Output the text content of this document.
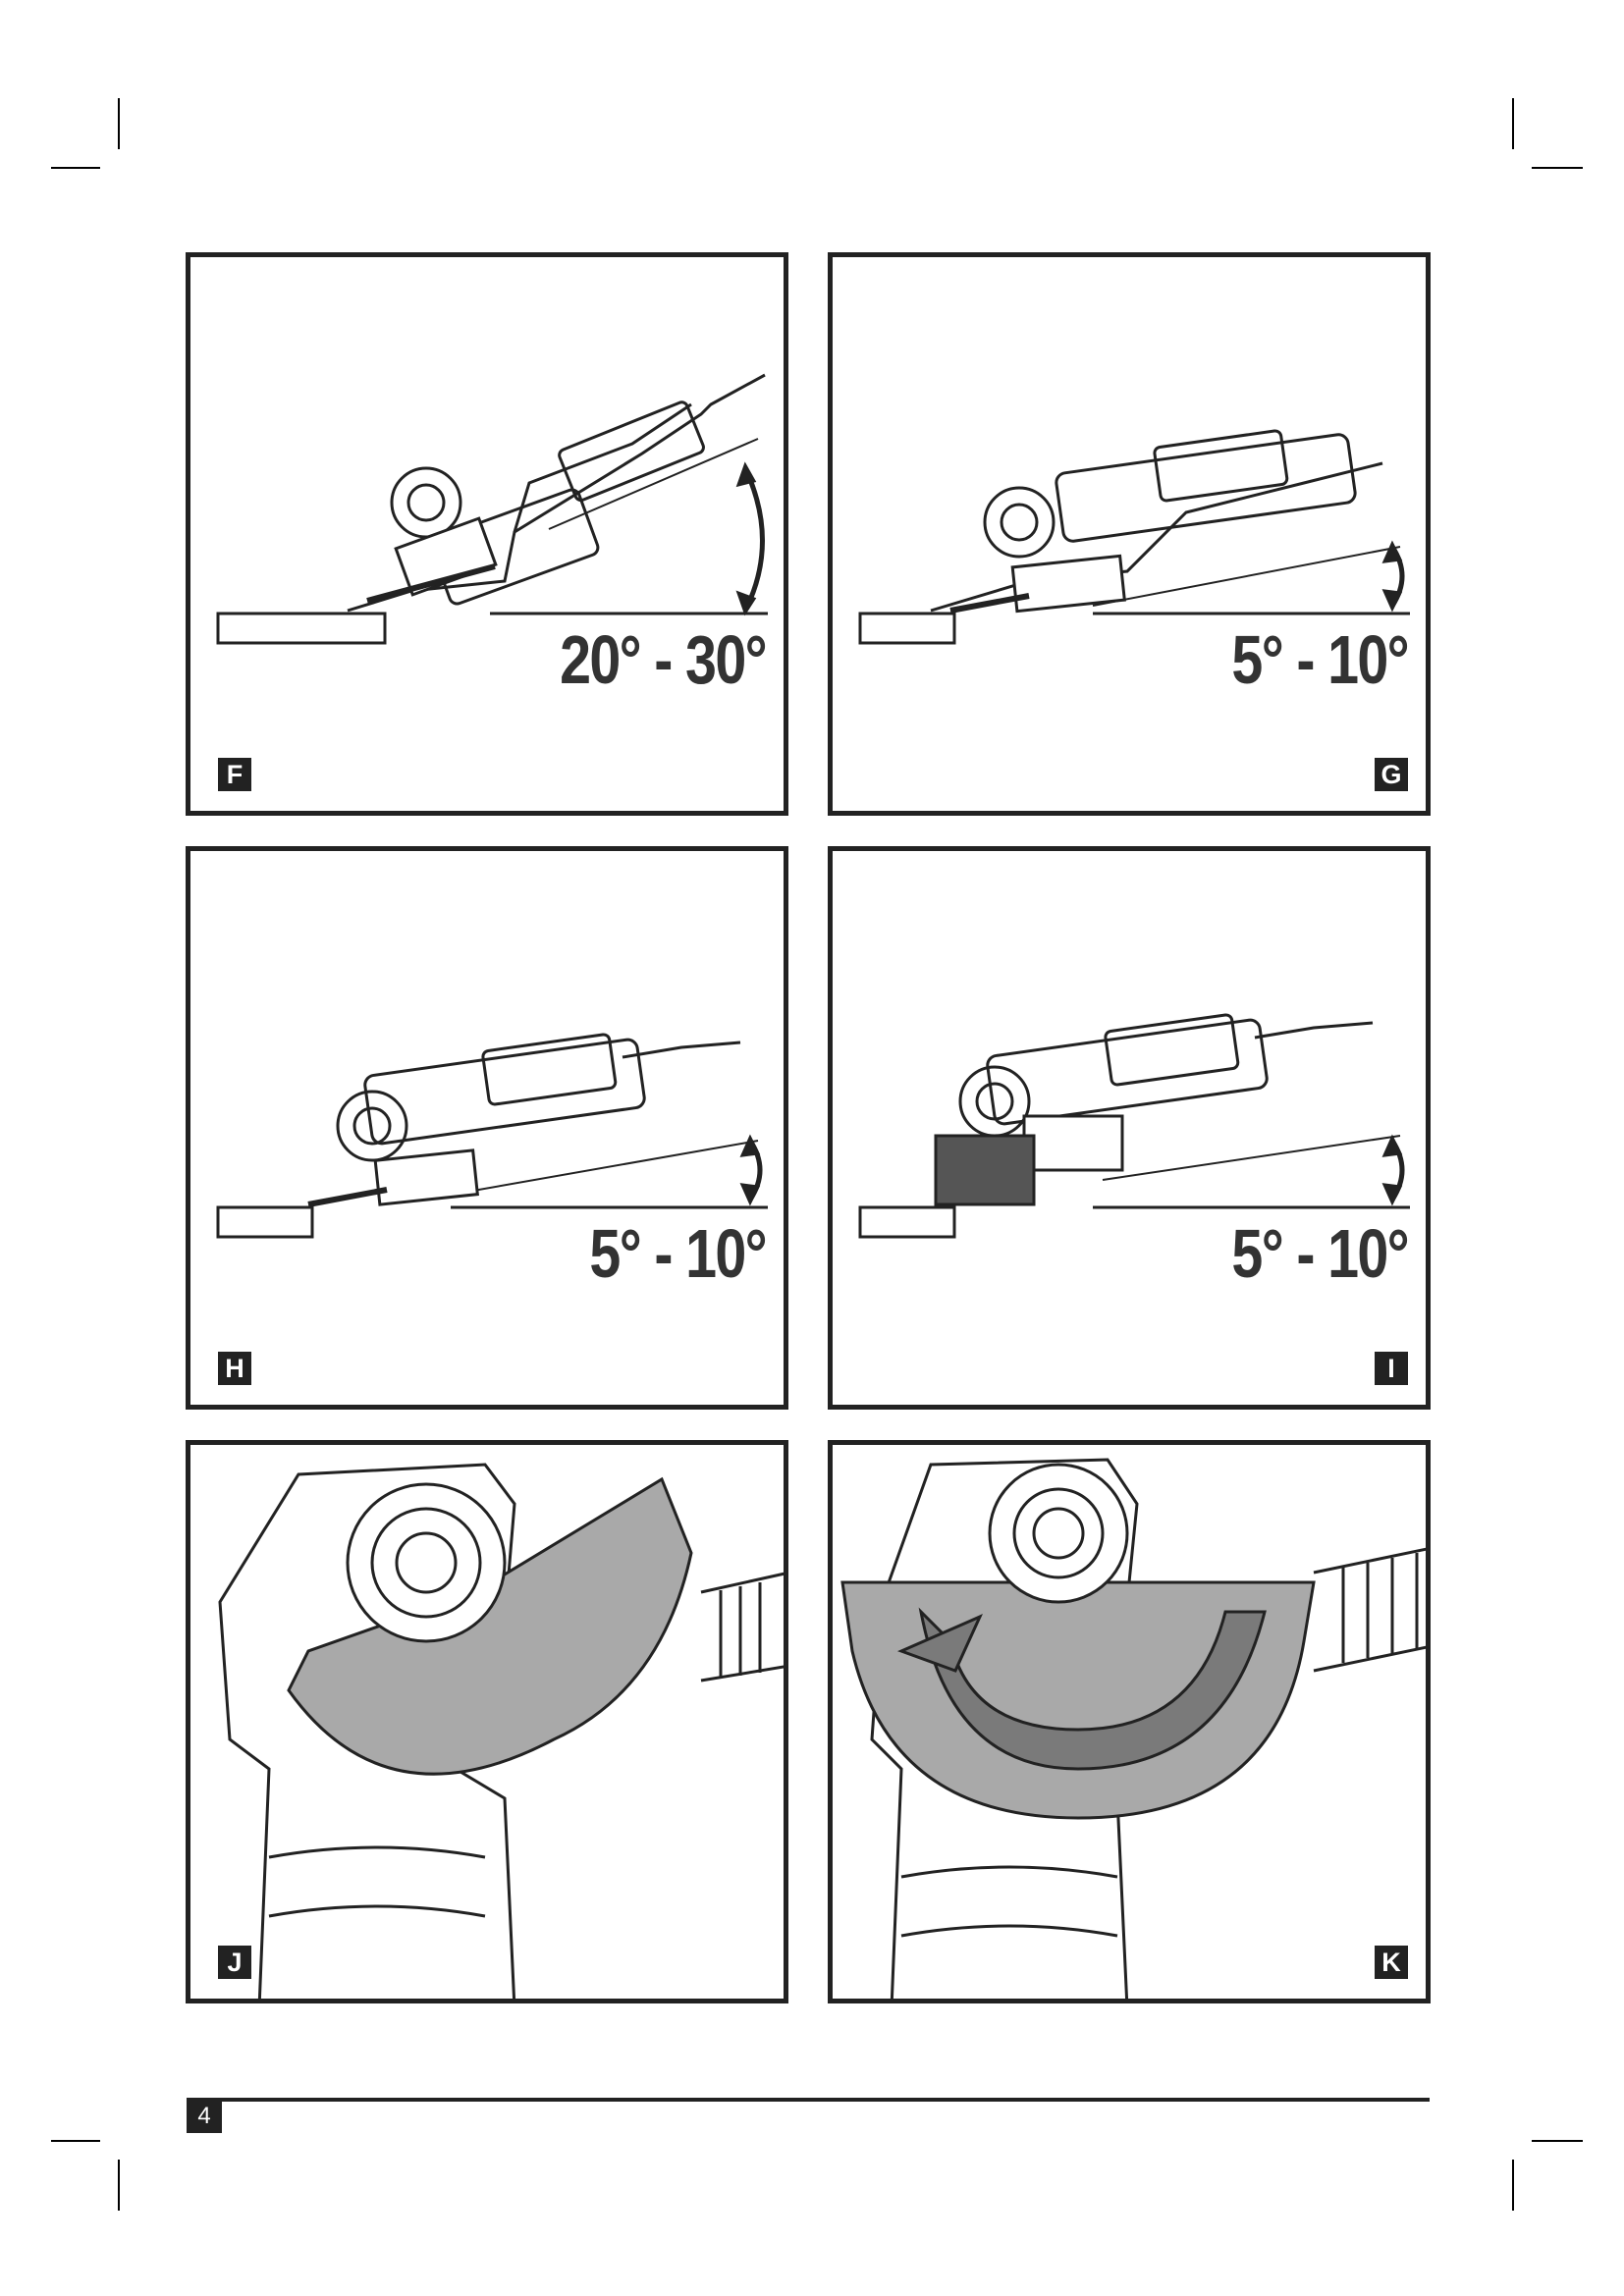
20° - 30°
F
5° - 10°
G
5° - 10°
H
5° - 10°
I
J	K
4
